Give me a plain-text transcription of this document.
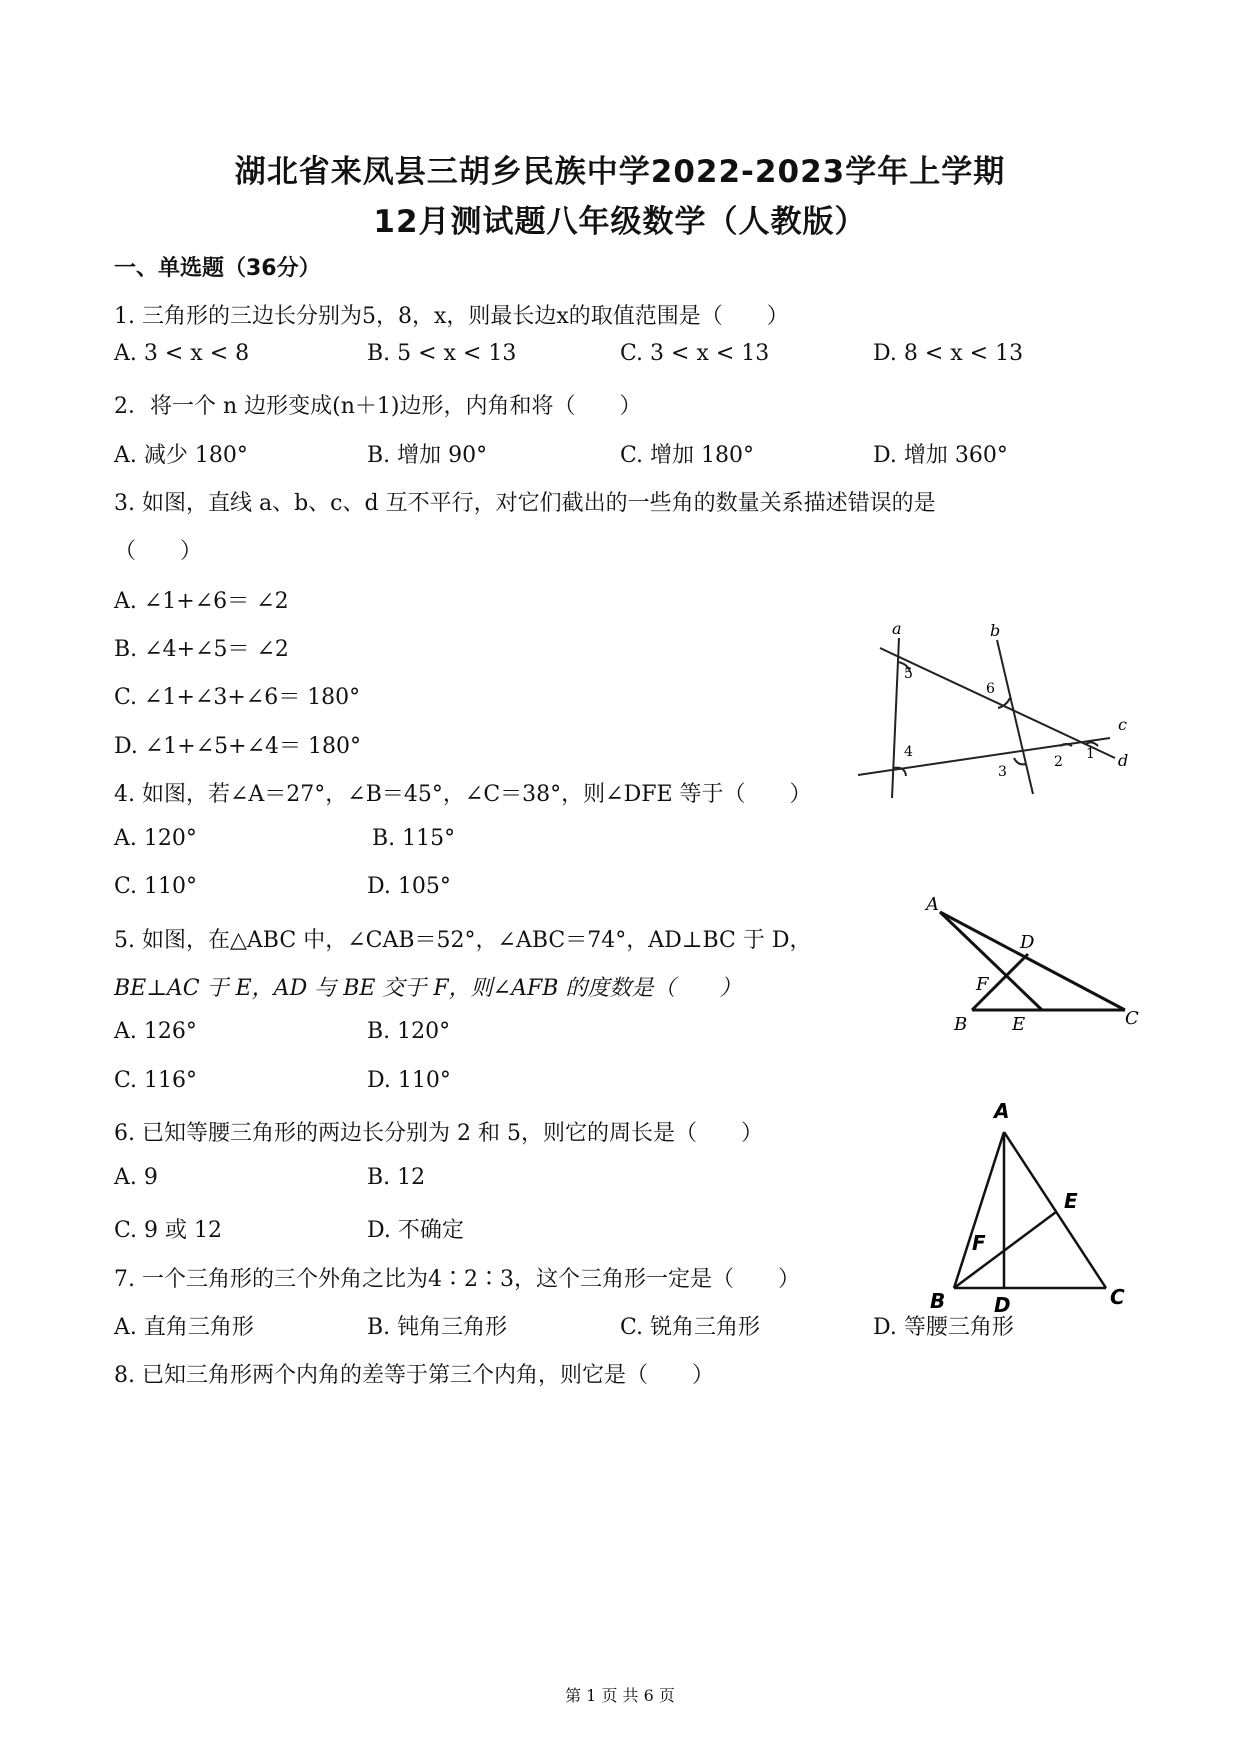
湖北省来凤县三胡乡民族中学2022-2023学年上学期
12月测试题八年级数学（人教版）
一、单选题（36分）
1. 三角形的三边长分别为5，8，x，则最长边x的取值范围是（　　）
A. 3 < x < 8	B. 5 < x < 13	C. 3 < x < 13	D. 8 < x < 13
2．将一个 n 边形变成(n＋1)边形，内角和将（　　）
A. 减少 180°	B. 增加 90°	C. 增加 180°	D. 增加 360°
3. 如图，直线 a、b、c、d 互不平行，对它们截出的一些角的数量关系描述错误的是
（　　）
A. ∠1+∠6＝ ∠2
B. ∠4+∠5＝ ∠2
C. ∠1+∠3+∠6＝ 180°
D. ∠1+∠5+∠4＝ 180°
a	b
c
d
5
6
4
3
2 1
4. 如图，若∠A＝27°，∠B＝45°，∠C＝38°，则∠DFE 等于（　　）
A. 120°	B. 115°
C. 110°	D. 105°
A
D
F
B E	C
5. 如图，在△ABC 中，∠CAB＝52°，∠ABC＝74°，AD⊥BC 于 D，
BE⊥AC 于 E，AD 与 BE 交于 F，则∠AFB 的度数是（　　）
A. 126°	B. 120°
C. 116°	D. 110°
A
E
F
B D	C
6. 已知等腰三角形的两边长分别为 2 和 5，则它的周长是（　　）
A. 9	B. 12
C. 9 或 12	D. 不确定
7. 一个三角形的三个外角之比为4∶2∶3，这个三角形一定是（　　）
A. 直角三角形	B. 钝角三角形	C. 锐角三角形	D. 等腰三角形
8. 已知三角形两个内角的差等于第三个内角，则它是（　　）
第 1 页 共 6 页
